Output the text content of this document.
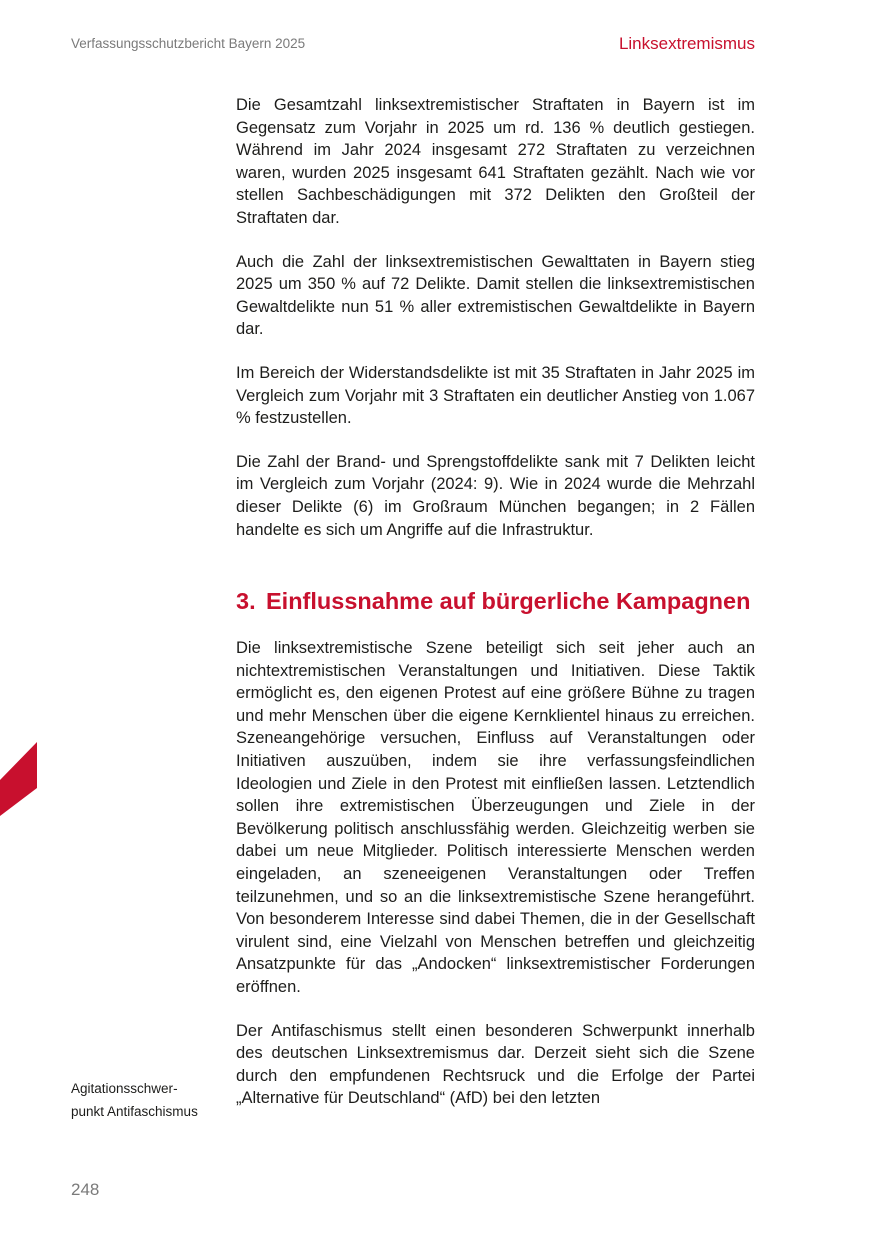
Verfassungsschutzbericht Bayern 2025	Linksextremismus

Die Gesamtzahl linksextremistischer Straftaten in Bayern ist im Gegensatz zum Vorjahr in 2025 um rd. 136 % deutlich gestiegen. Während im Jahr 2024 insgesamt 272 Straftaten zu verzeichnen waren, wurden 2025 insgesamt 641 Straftaten gezählt. Nach wie vor stellen Sachbeschädigungen mit 372 Delikten den Großteil der Straftaten dar.

Auch die Zahl der linksextremistischen Gewalttaten in Bayern stieg 2025 um 350 % auf 72 Delikte. Damit stellen die linksextremistischen Gewaltdelikte nun 51 % aller extremistischen Gewaltdelikte in Bayern dar.

Im Bereich der Widerstandsdelikte ist mit 35 Straftaten in Jahr 2025 im Vergleich zum Vorjahr mit 3 Straftaten ein deutlicher Anstieg von 1.067 % festzustellen.

Die Zahl der Brand- und Sprengstoffdelikte sank mit 7 Delikten leicht im Vergleich zum Vorjahr (2024: 9). Wie in 2024 wurde die Mehrzahl dieser Delikte (6) im Großraum München begangen; in 2 Fällen handelte es sich um Angriffe auf die Infrastruktur.

3. Einflussnahme auf bürgerliche Kampagnen

Die linksextremistische Szene beteiligt sich seit jeher auch an nichtextremistischen Veranstaltungen und Initiativen. Diese Taktik ermöglicht es, den eigenen Protest auf eine größere Bühne zu tragen und mehr Menschen über die eigene Kernklientel hinaus zu erreichen. Szeneangehörige versuchen, Einfluss auf Veranstaltungen oder Initiativen auszuüben, indem sie ihre verfassungsfeindlichen Ideologien und Ziele in den Protest mit einfließen lassen. Letztendlich sollen ihre extremistischen Überzeugungen und Ziele in der Bevölkerung politisch anschlussfähig werden. Gleichzeitig werben sie dabei um neue Mitglieder. Politisch interessierte Menschen werden eingeladen, an szeneeigenen Veranstaltungen oder Treffen teilzunehmen, und so an die linksextremistische Szene herangeführt. Von besonderem Interesse sind dabei Themen, die in der Gesellschaft virulent sind, eine Vielzahl von Menschen betreffen und gleichzeitig Ansatzpunkte für das „Andocken“ linksextremistischer Forderungen eröffnen.

Der Antifaschismus stellt einen besonderen Schwerpunkt innerhalb des deutschen Linksextremismus dar. Derzeit sieht sich die Szene durch den empfundenen Rechtsruck und die Erfolge der Partei „Alternative für Deutschland“ (AfD) bei den letzten

Agitationsschwerpunkt Antifaschismus
248
